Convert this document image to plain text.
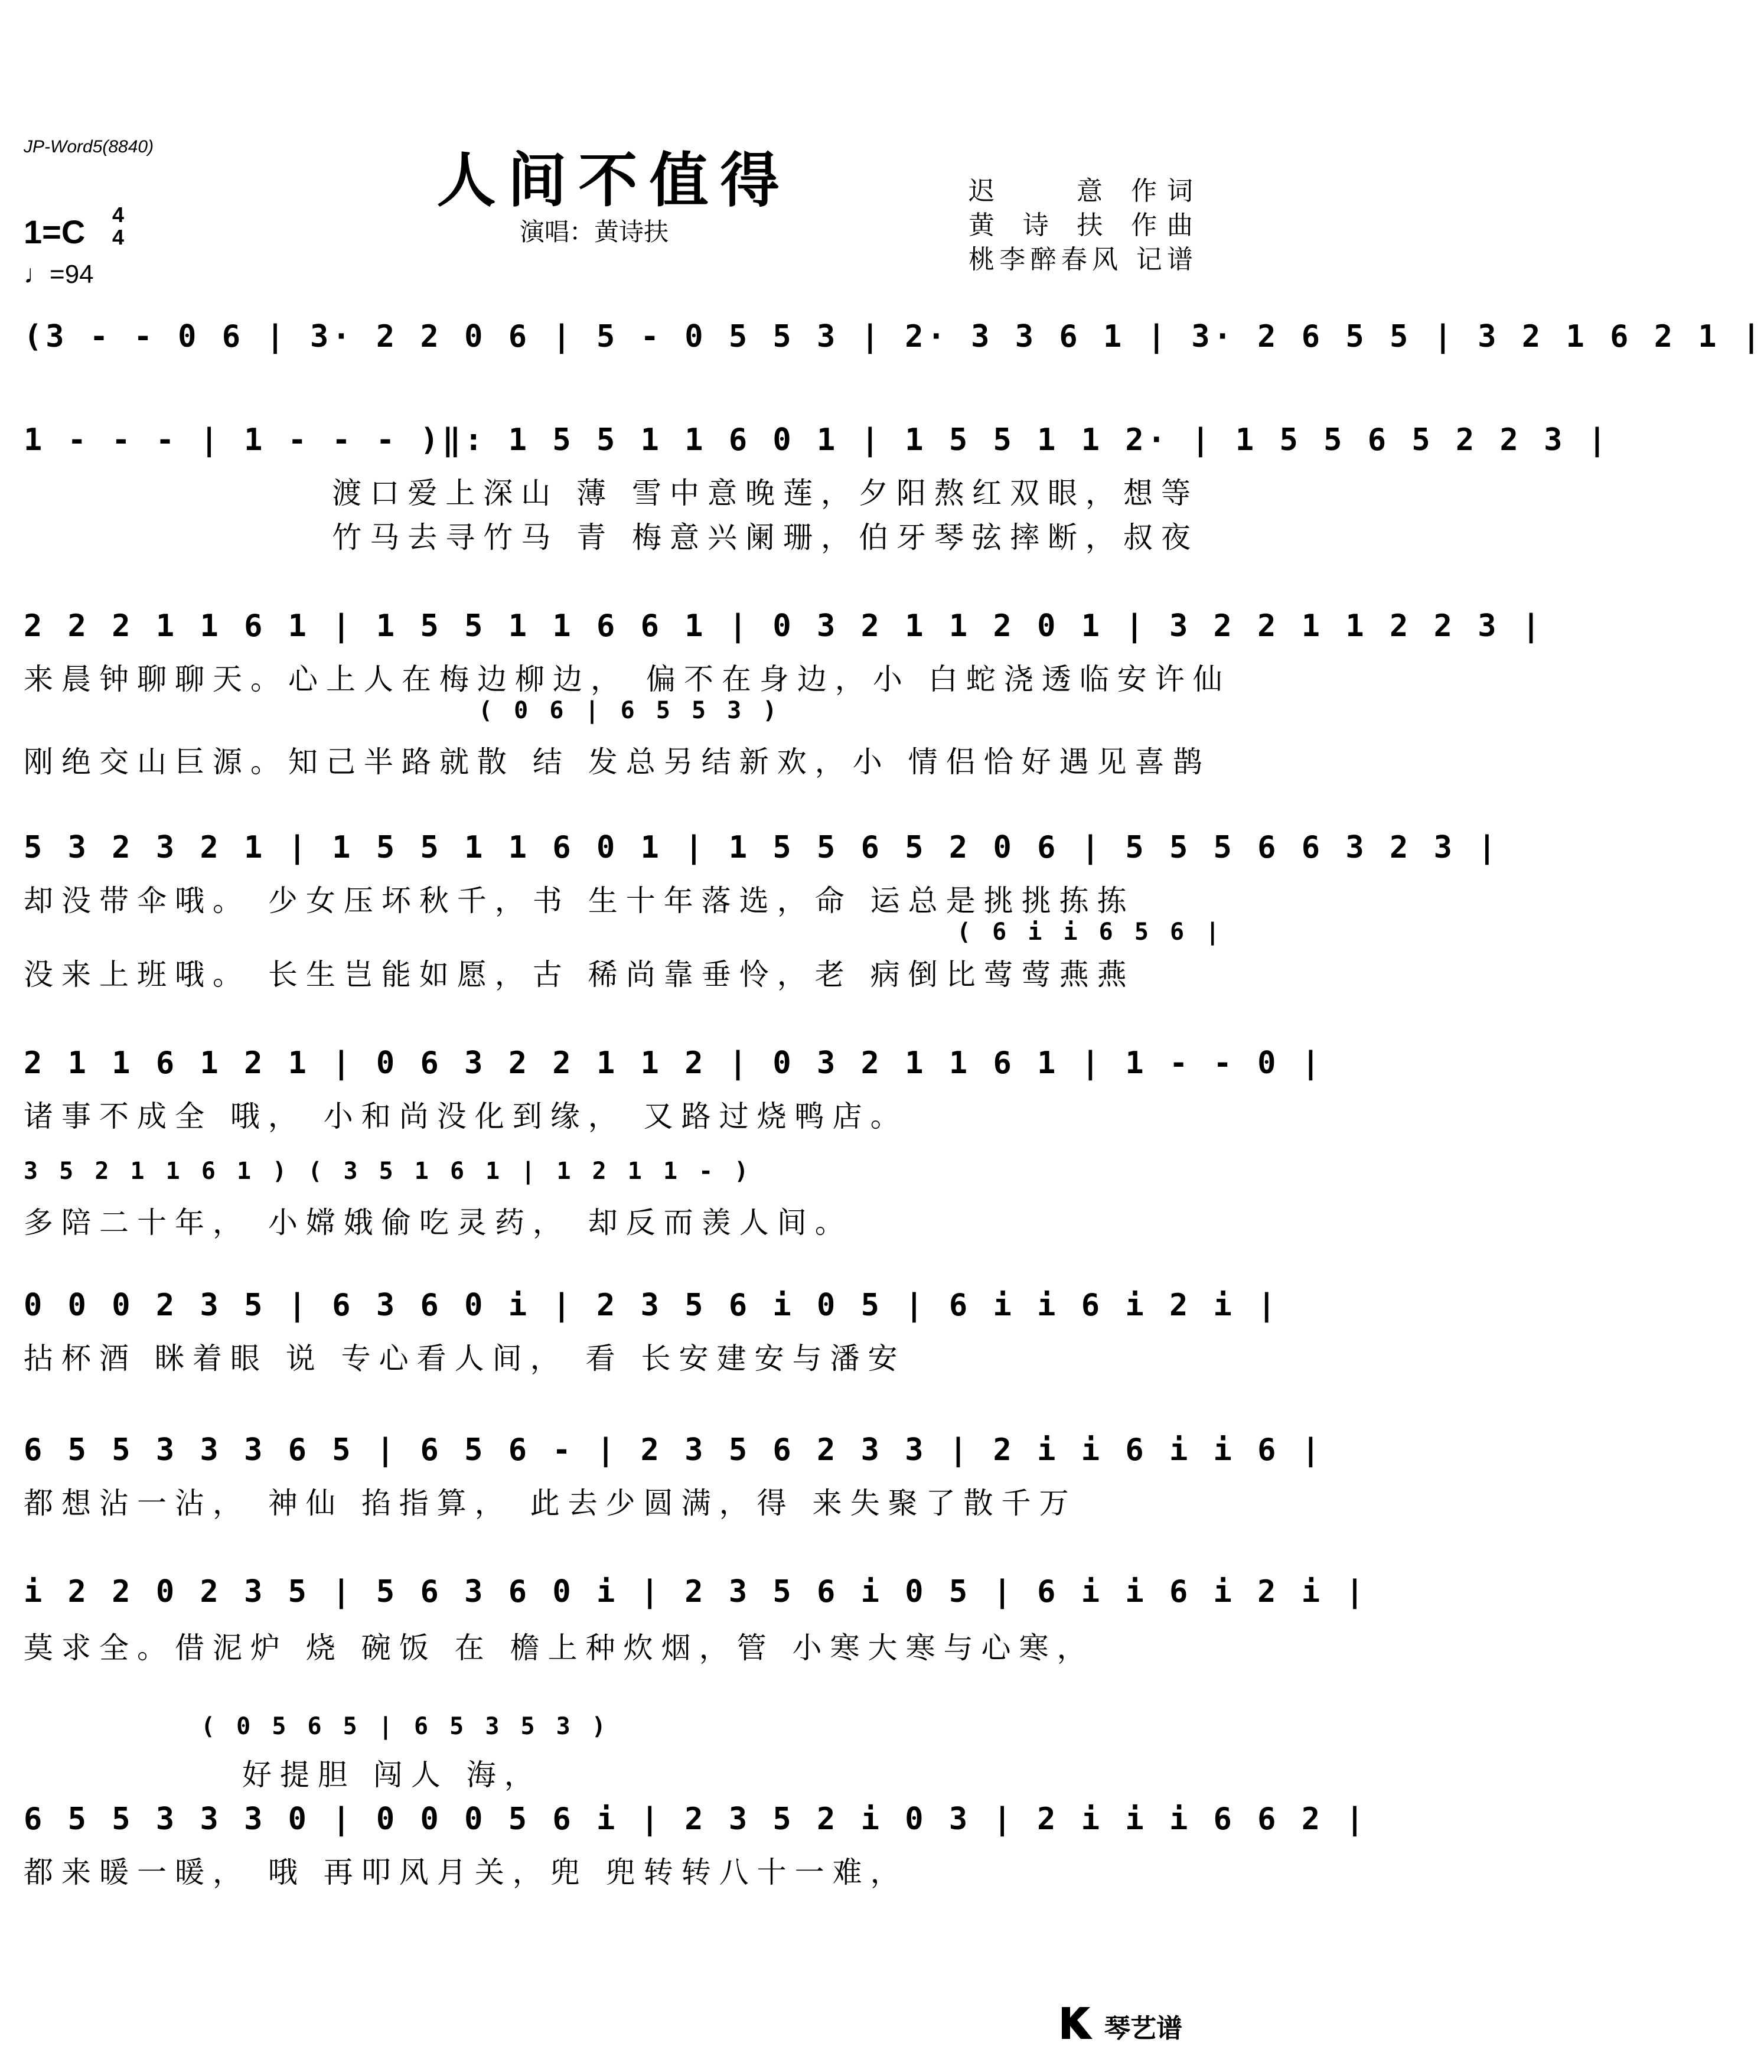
JP-Word5(8840)	人间不值得
演唱：黄诗扶
迟　　意 作词
黄 诗 扶 作曲
桃李醉春风 记谱
1=C 4
4
♩=94
(3 - - 0 6 | 3· 2 2 0 6 | 5 - 0 5 5 3 | 2· 3 3 6 1 | 3· 2 6 5 5 | 3 2 1 6 2 1 |
1 - - - | 1 - - - )‖: 1 5 5 1 1 6 0 1 | 1 5 5 1 1 2· | 1 5 5 6 5 2 2 3 |
渡口爱上深山 薄 雪中意晚莲，夕阳熬红双眼，想等
竹马去寻竹马 青 梅意兴阑珊，伯牙琴弦摔断，叔夜
2 2 2 1 1 6 1 | 1 5 5 1 1 6 6 1 | 0 3 2 1 1 2 0 1 | 3 2 2 1 1 2 2 3 |
来晨钟聊聊天。心上人在梅边柳边， 偏不在身边，小 白蛇浇透临安许仙
( 0 6 | 6 5 5 3 )
刚绝交山巨源。知己半路就散 结 发总另结新欢，小 情侣恰好遇见喜鹊
5 3 2 3 2 1 | 1 5 5 1 1 6 0 1 | 1 5 5 6 5 2 0 6 | 5 5 5 6 6 3 2 3 |
却没带伞哦。 少女压坏秋千，书 生十年落选，命 运总是挑挑拣拣
( 6 i i 6 5 6 |
没来上班哦。 长生岂能如愿，古 稀尚靠垂怜，老 病倒比莺莺燕燕
2 1 1 6 1 2 1 | 0 6 3 2 2 1 1 2 | 0 3 2 1 1 6 1 | 1 - - 0 |
诸事不成全 哦， 小和尚没化到缘， 又路过烧鸭店。
3 5 2 1 1 6 1 ) ( 3 5 1 6 1 | 1 2 1 1 - )
多陪二十年， 小嫦娥偷吃灵药， 却反而羡人间。
0 0 0 2 3 5 | 6 3 6 0 i | 2 3 5 6 i 0 5 | 6 i i 6 i 2 i |
拈杯酒 眯着眼 说 专心看人间， 看 长安建安与潘安
6 5 5 3 3 3 6 5 | 6 5 6 - | 2 3 5 6 2 3 3 | 2 i i 6 i i 6 |
都想沾一沾， 神仙 掐指算， 此去少圆满，得 来失聚了散千万
i 2 2 0 2 3 5 | 5 6 3 6 0 i | 2 3 5 6 i 0 5 | 6 i i 6 i 2 i |
莫求全。借泥炉 烧 碗饭 在 檐上种炊烟，管 小寒大寒与心寒，
( 0 5 6 5 | 6 5 3 5 3 )
好提胆 闯人 海，
6 5 5 3 3 3 0 | 0 0 0 5 6 i | 2 3 5 2 i 0 3 | 2 i i i 6 6 2 |
都来暖一暖， 哦 再叩风月关，兜 兜转转八十一难，
琴艺谱
